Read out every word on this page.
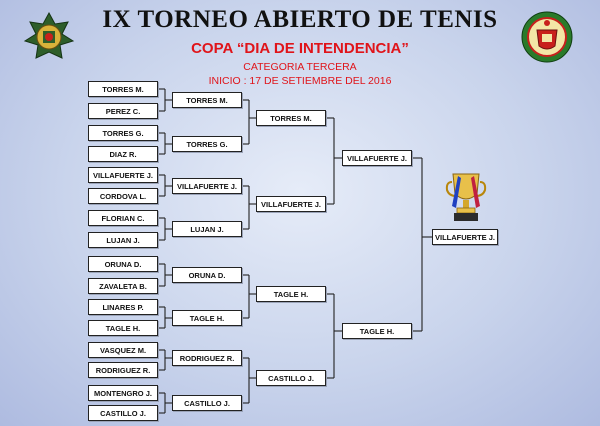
IX TORNEO ABIERTO DE TENIS
COPA “DIA DE INTENDENCIA”
CATEGORIA TERCERA
INICIO : 17 DE SETIEMBRE DEL 2016
TORRES M.
PEREZ C.
TORRES G.
DIAZ R.
VILLAFUERTE J.
CORDOVA L.
FLORIAN C.
LUJAN J.
ORUNA D.
ZAVALETA B.
LINARES P.
TAGLE H.
VASQUEZ M.
RODRIGUEZ R.
MONTENGRO J.
CASTILLO J.
TORRES M.
TORRES G.
VILLAFUERTE J.
LUJAN J.
ORUNA D.
TAGLE H.
RODRIGUEZ R.
CASTILLO J.
TORRES M.
VILLAFUERTE J.
TAGLE H.
CASTILLO J.
VILLAFUERTE J.
TAGLE H.
VILLAFUERTE J.
